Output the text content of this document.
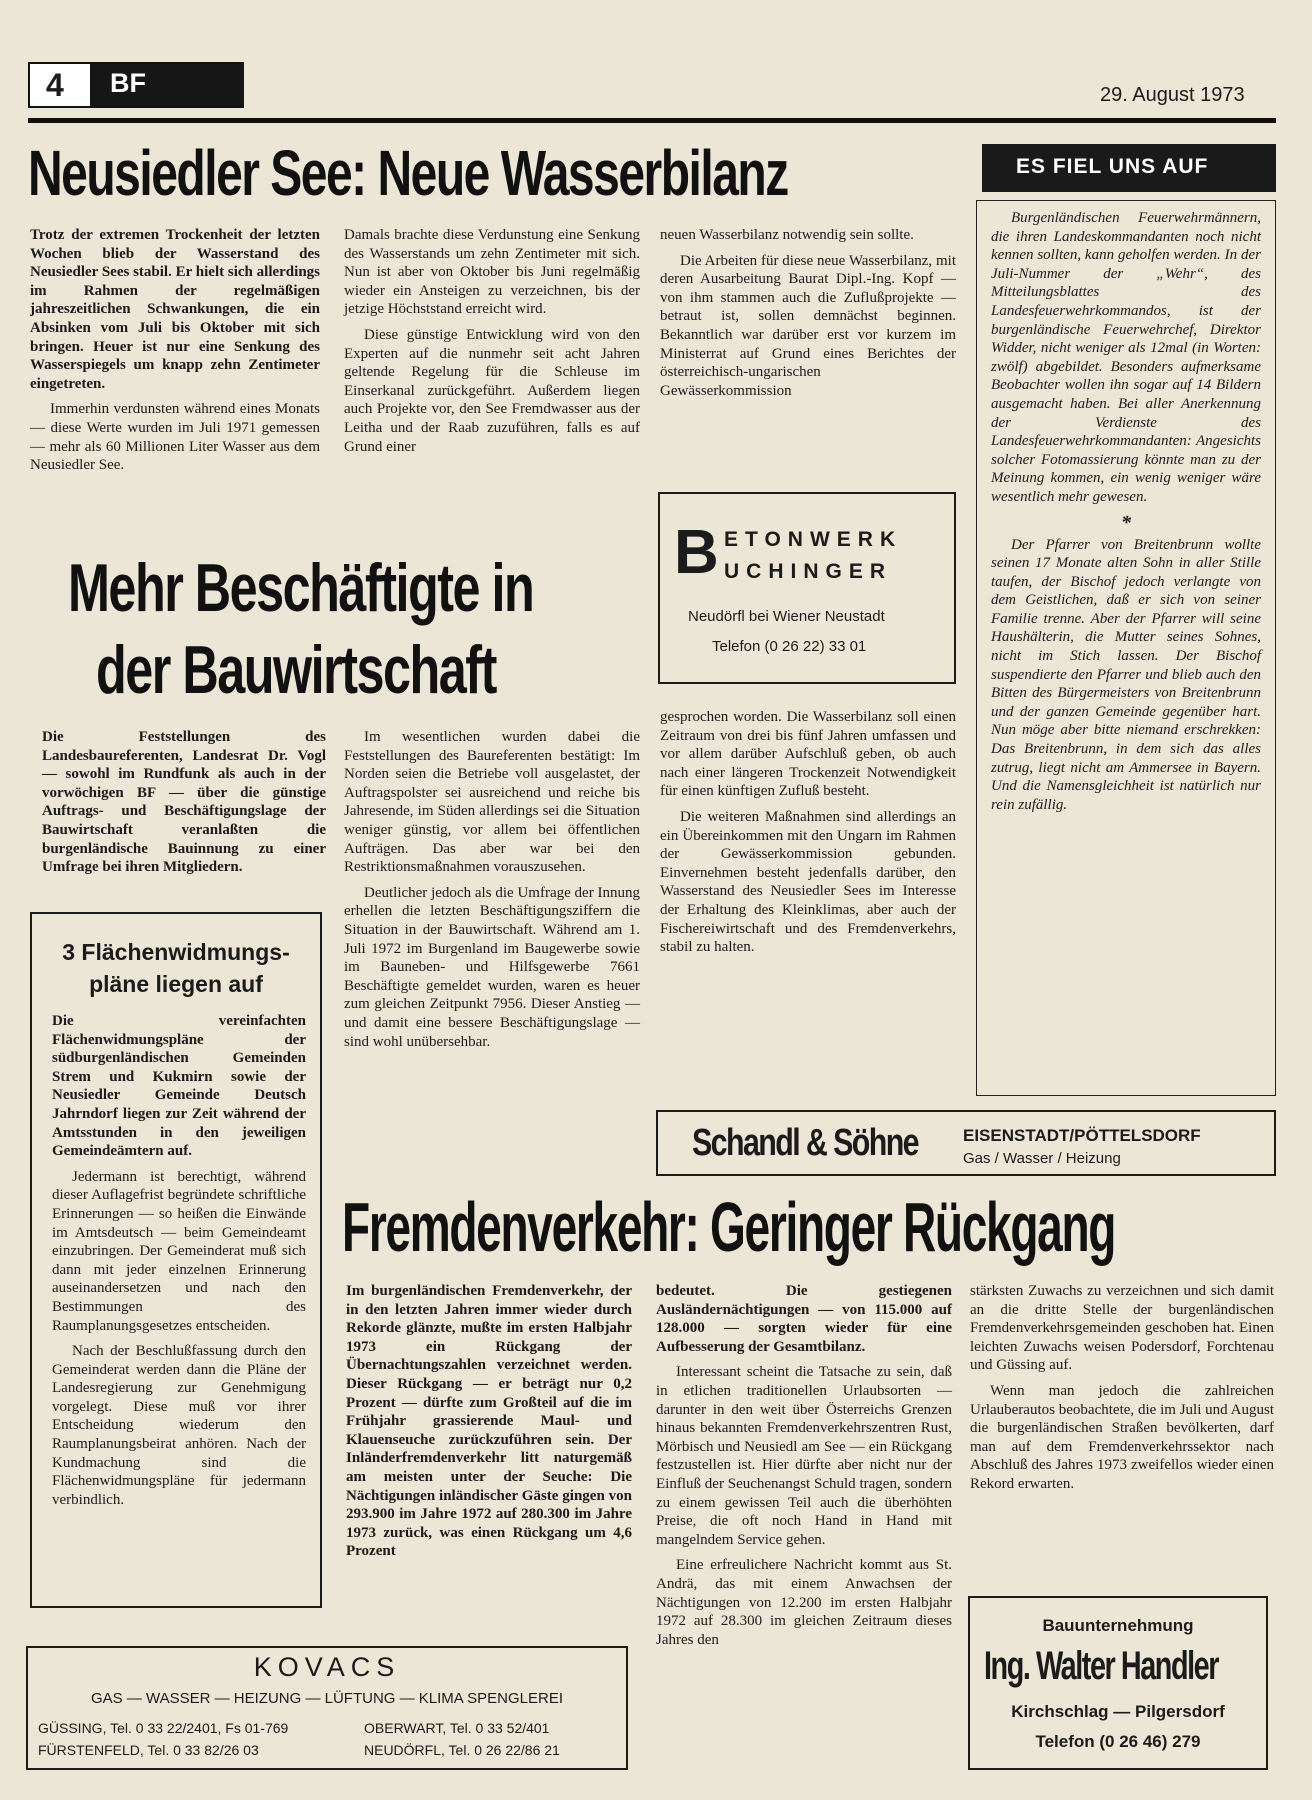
4 BF	29. August 1973
Neusiedler See: Neue Wasserbilanz

Trotz der extremen Trockenheit der letzten Wochen blieb der Wasserstand des Neusiedler Sees stabil. Er hielt sich allerdings im Rahmen der regelmäßigen jahreszeitlichen Schwankungen, die ein Absinken vom Juli bis Oktober mit sich bringen. Heuer ist nur eine Senkung des Wasserspiegels um knapp zehn Zentimeter eingetreten.

Immerhin verdunsten während eines Monats — diese Werte wurden im Juli 1971 gemessen — mehr als 60 Millionen Liter Wasser aus dem Neusiedler See.

Damals brachte diese Verdunstung eine Senkung des Wasserstands um zehn Zentimeter mit sich. Nun ist aber von Oktober bis Juni regelmäßig wieder ein Ansteigen zu verzeichnen, bis der jetzige Höchststand erreicht wird.

Diese günstige Entwicklung wird von den Experten auf die nunmehr seit acht Jahren geltende Regelung für die Schleuse im Einserkanal zurückgeführt. Außerdem liegen auch Projekte vor, den See Fremdwasser aus der Leitha und der Raab zuzuführen, falls es auf Grund einer

neuen Wasserbilanz notwendig sein sollte.

Die Arbeiten für diese neue Wasserbilanz, mit deren Ausarbeitung Baurat Dipl.-Ing. Kopf — von ihm stammen auch die Zuflußprojekte — betraut ist, sollen demnächst beginnen. Bekanntlich war darüber erst vor kurzem im Ministerrat auf Grund eines Berichtes der österreichisch-ungarischen Gewässerkommission

B ETONWERK
UCHINGER
Neudörfl bei Wiener Neustadt
Telefon (0 26 22) 33 01

gesprochen worden. Die Wasserbilanz soll einen Zeitraum von drei bis fünf Jahren umfassen und vor allem darüber Aufschluß geben, ob auch nach einer längeren Trockenzeit Notwendigkeit für einen künftigen Zufluß besteht.

Die weiteren Maßnahmen sind allerdings an ein Übereinkommen mit den Ungarn im Rahmen der Gewässerkommission gebunden. Einvernehmen besteht jedenfalls darüber, den Wasserstand des Neusiedler Sees im Interesse der Erhaltung des Kleinklimas, aber auch der Fischereiwirtschaft und des Fremdenverkehrs, stabil zu halten.

ES FIEL UNS AUF

Burgenländischen Feuerwehrmännern, die ihren Landeskommandanten noch nicht kennen sollten, kann geholfen werden. In der Juli-Nummer der „Wehr“, des Mitteilungsblattes des Landesfeuerwehrkommandos, ist der burgenländische Feuerwehrchef, Direktor Widder, nicht weniger als 12mal (in Worten: zwölf) abgebildet. Besonders aufmerksame Beobachter wollen ihn sogar auf 14 Bildern ausgemacht haben. Bei aller Anerkennung der Verdienste des Landesfeuerwehrkommandanten: Angesichts solcher Fotomassierung könnte man zu der Meinung kommen, ein wenig weniger wäre wesentlich mehr gewesen.

*

Der Pfarrer von Breitenbrunn wollte seinen 17 Monate alten Sohn in aller Stille taufen, der Bischof jedoch verlangte von dem Geistlichen, daß er sich von seiner Familie trenne. Aber der Pfarrer will seine Haushälterin, die Mutter seines Sohnes, nicht im Stich lassen. Der Bischof suspendierte den Pfarrer und blieb auch den Bitten des Bürgermeisters von Breitenbrunn und der ganzen Gemeinde gegenüber hart. Nun möge aber bitte niemand erschrekken: Das Breitenbrunn, in dem sich das alles zutrug, liegt nicht am Ammersee in Bayern. Und die Namensgleichheit ist natürlich nur rein zufällig.

Mehr Beschäftigte in
der Bauwirtschaft

Die Feststellungen des Landesbaureferenten, Landesrat Dr. Vogl — sowohl im Rundfunk als auch in der vorwöchigen BF — über die günstige Auftrags- und Beschäftigungslage der Bauwirtschaft veranlaßten die burgenländische Bauinnung zu einer Umfrage bei ihren Mitgliedern.

Im wesentlichen wurden dabei die Feststellungen des Baureferenten bestätigt: Im Norden seien die Betriebe voll ausgelastet, der Auftragspolster sei ausreichend und reiche bis Jahresende, im Süden allerdings sei die Situation weniger günstig, vor allem bei öffentlichen Aufträgen. Das aber war bei den Restriktionsmaßnahmen vorauszusehen.

Deutlicher jedoch als die Umfrage der Innung erhellen die letzten Beschäftigungsziffern die Situation in der Bauwirtschaft. Während am 1. Juli 1972 im Burgenland im Baugewerbe sowie im Bauneben- und Hilfsgewerbe 7661 Beschäftigte gemeldet wurden, waren es heuer zum gleichen Zeitpunkt 7956. Dieser Anstieg — und damit eine bessere Beschäftigungslage — sind wohl unübersehbar.

3 Flächenwidmungs-
pläne liegen auf

Die vereinfachten Flächenwidmungspläne der südburgenländischen Gemeinden Strem und Kukmirn sowie der Neusiedler Gemeinde Deutsch Jahrndorf liegen zur Zeit während der Amtsstunden in den jeweiligen Gemeindeämtern auf.

Jedermann ist berechtigt, während dieser Auflagefrist begründete schriftliche Erinnerungen — so heißen die Einwände im Amtsdeutsch — beim Gemeindeamt einzubringen. Der Gemeinderat muß sich dann mit jeder einzelnen Erinnerung auseinandersetzen und nach den Bestimmungen des Raumplanungsgesetzes entscheiden.

Nach der Beschlußfassung durch den Gemeinderat werden dann die Pläne der Landesregierung zur Genehmigung vorgelegt. Diese muß vor ihrer Entscheidung wiederum den Raumplanungsbeirat anhören. Nach der Kundmachung sind die Flächenwidmungspläne für jedermann verbindlich.

Schandl & Söhne	EISENSTADT/PÖTTELSDORF
Gas / Wasser / Heizung
Fremdenverkehr: Geringer Rückgang

Im burgenländischen Fremdenverkehr, der in den letzten Jahren immer wieder durch Rekorde glänzte, mußte im ersten Halbjahr 1973 ein Rückgang der Übernachtungszahlen verzeichnet werden. Dieser Rückgang — er beträgt nur 0,2 Prozent — dürfte zum Großteil auf die im Frühjahr grassierende Maul- und Klauenseuche zurückzuführen sein. Der Inländerfremdenverkehr litt naturgemäß am meisten unter der Seuche: Die Nächtigungen inländischer Gäste gingen von 293.900 im Jahre 1972 auf 280.300 im Jahre 1973 zurück, was einen Rückgang um 4,6 Prozent

bedeutet. Die gestiegenen Ausländernächtigungen — von 115.000 auf 128.000 — sorgten wieder für eine Aufbesserung der Gesamtbilanz.

Interessant scheint die Tatsache zu sein, daß in etlichen traditionellen Urlaubsorten — darunter in den weit über Österreichs Grenzen hinaus bekannten Fremdenverkehrszentren Rust, Mörbisch und Neusiedl am See — ein Rückgang festzustellen ist. Hier dürfte aber nicht nur der Einfluß der Seuchenangst Schuld tragen, sondern zu einem gewissen Teil auch die überhöhten Preise, die oft noch Hand in Hand mit mangelndem Service gehen.

Eine erfreulichere Nachricht kommt aus St. Andrä, das mit einem Anwachsen der Nächtigungen von 12.200 im ersten Halbjahr 1972 auf 28.300 im gleichen Zeitraum dieses Jahres den

stärksten Zuwachs zu verzeichnen und sich damit an die dritte Stelle der burgenländischen Fremdenverkehrsgemeinden geschoben hat. Einen leichten Zuwachs weisen Podersdorf, Forchtenau und Güssing auf.

Wenn man jedoch die zahlreichen Urlauberautos beobachtete, die im Juli und August die burgenländischen Straßen bevölkerten, darf man auf dem Fremdenverkehrssektor nach Abschluß des Jahres 1973 zweifellos wieder einen Rekord erwarten.

Bauunternehmung
Ing. Walter Handler
Kirchschlag — Pilgersdorf
Telefon (0 26 46) 279
KOVACS
GAS — WASSER — HEIZUNG — LÜFTUNG — KLIMA SPENGLEREI
GÜSSING, Tel. 0 33 22/2401, Fs 01-769	OBERWART, Tel. 0 33 52/401
FÜRSTENFELD, Tel. 0 33 82/26 03	NEUDÖRFL, Tel. 0 26 22/86 21
